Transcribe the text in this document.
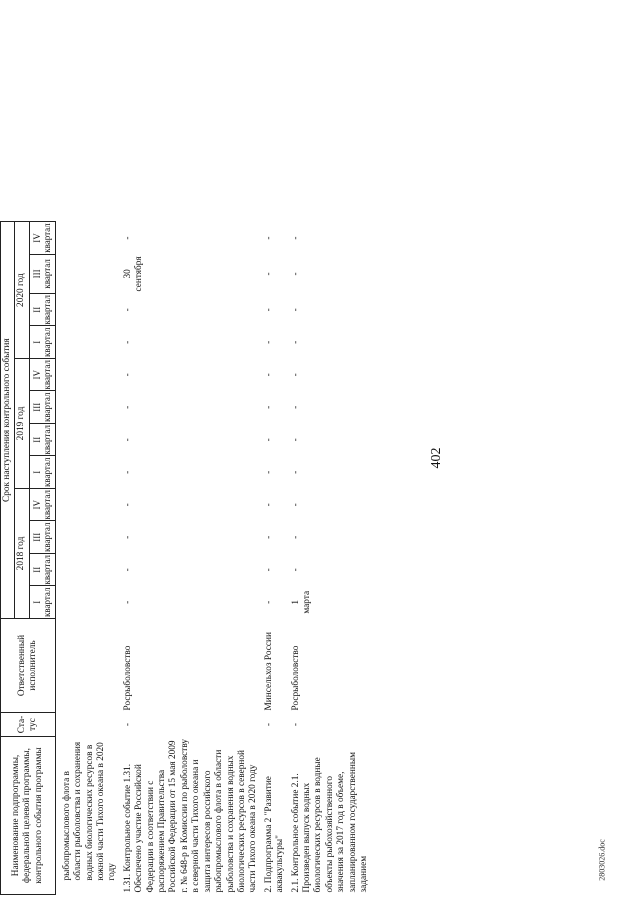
402
2803026.doc
Наименование подпрограммы, федеральной целевой программы, контрольного события программы	Ста-
тус	Ответственный исполнитель	Срок наступления контрольного события											
			2018 год				2019 год				2020 год			
			I
квартал	II
квартал	III
квартал	IV
квартал	I
квартал	II
квартал	III
квартал	IV
квартал	I
квартал	II
квартал	III
квартал	IV
квартал
рыбопромыслового флота в области рыболовства и сохранения водных биологических ресурсов в южной части Тихого океана в 2020 году														
1.31. Контрольное событие 1.31. Обеспечено участие Российской Федерации в соответствии с распоряжением Правительства Российской Федерации от 15 мая 2009 г. № 648-р в Комиссии по рыболовству в северной части Тихого океана и защита интересов российского рыбопромыслового флота в области рыболовства и сохранения водных биологических ресурсов в северной части Тихого океана в 2020 году	-	Росрыболовство	-	-	-	-	-	-	-	-	-	-	30
сентября	-
2. Подпрограмма 2 "Развитие аквакультуры"	-	Минсельхоз России	-	-	-	-	-	-	-	-	-	-	-	-
2.1. Контрольное событие 2.1. Произведен выпуск водных биологических ресурсов в водные объекты рыбохозяйственного значения за 2017 год в объеме, запланированном государственным заданием	-	Росрыболовство	1
марта	-	-	-	-	-	-	-	-	-	-	-
